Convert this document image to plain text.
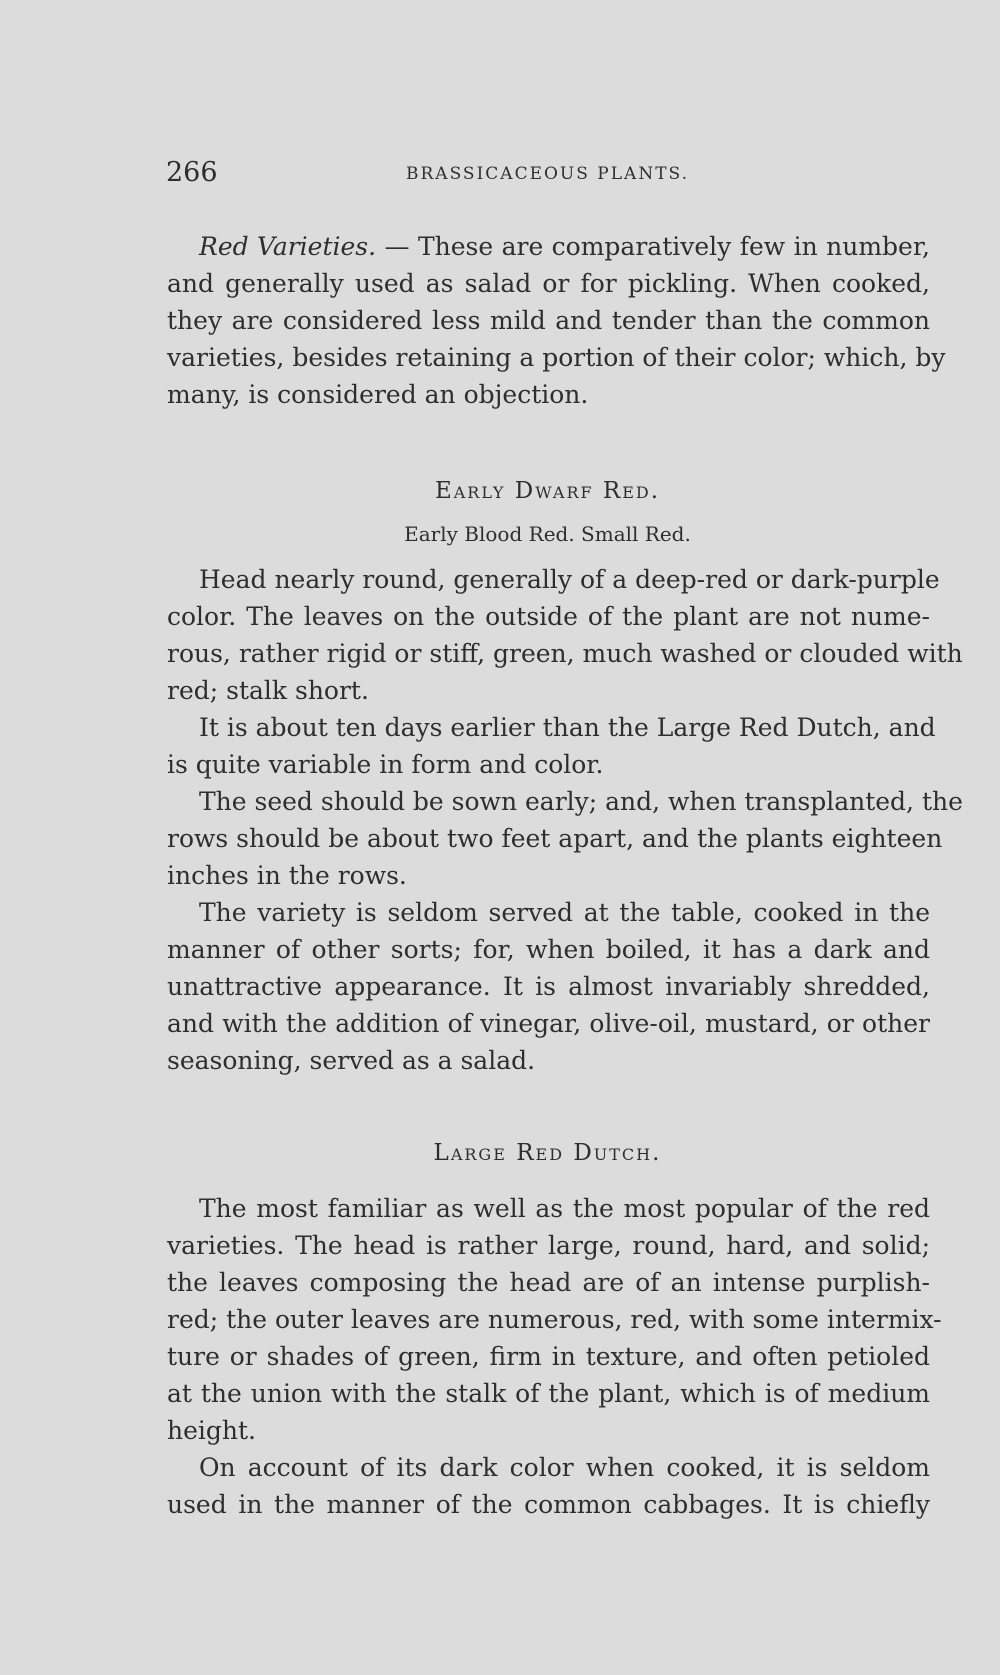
266	BRASSICACEOUS PLANTS.
Red Varieties. — These are comparatively few in number,
and generally used as salad or for pickling. When cooked,
they are considered less mild and tender than the common
varieties, besides retaining a portion of their color; which, by
many, is considered an objection.
Early Dwarf Red.
Early Blood Red. Small Red.
Head nearly round, generally of a deep-red or dark-purple
color. The leaves on the outside of the plant are not nume-
rous, rather rigid or stiff, green, much washed or clouded with
red; stalk short.
It is about ten days earlier than the Large Red Dutch, and
is quite variable in form and color.
The seed should be sown early; and, when transplanted, the
rows should be about two feet apart, and the plants eighteen
inches in the rows.
The variety is seldom served at the table, cooked in the
manner of other sorts; for, when boiled, it has a dark and
unattractive appearance. It is almost invariably shredded,
and with the addition of vinegar, olive-oil, mustard, or other
seasoning, served as a salad.
Large Red Dutch.
The most familiar as well as the most popular of the red
varieties. The head is rather large, round, hard, and solid;
the leaves composing the head are of an intense purplish-
red; the outer leaves are numerous, red, with some intermix-
ture or shades of green, firm in texture, and often petioled
at the union with the stalk of the plant, which is of medium
height.
On account of its dark color when cooked, it is seldom
used in the manner of the common cabbages. It is chiefly
